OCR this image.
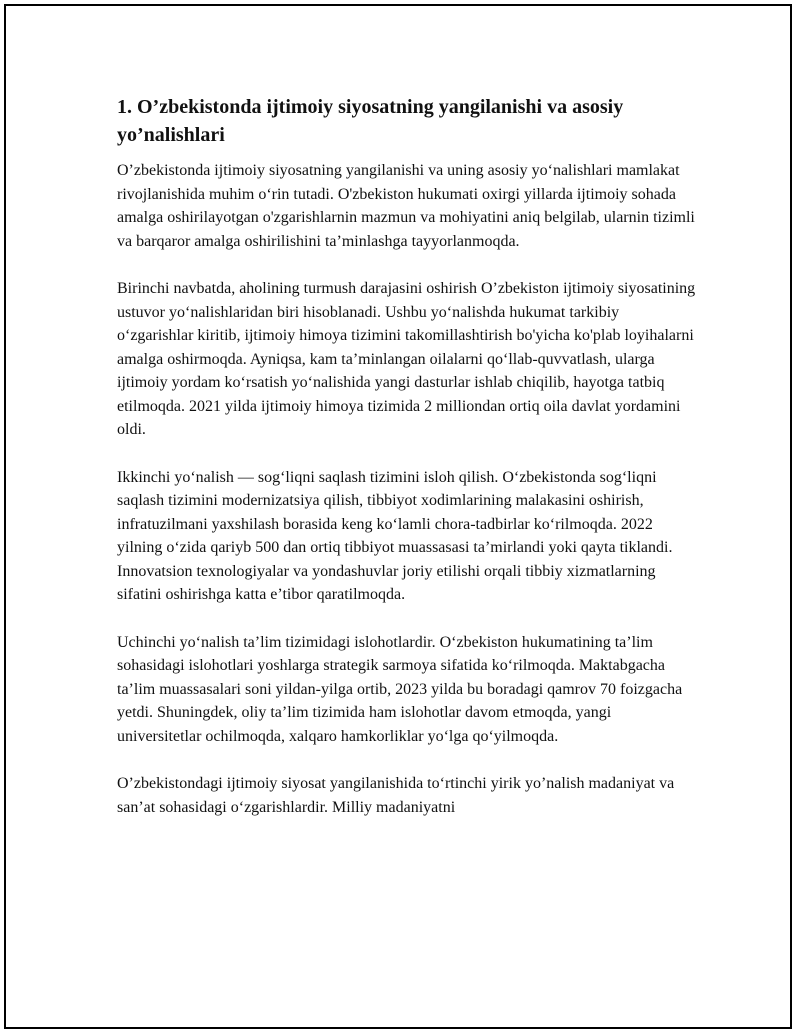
1. O’zbekistonda ijtimoiy siyosatning yangilanishi va asosiy yo’nalishlari

O’zbekistonda ijtimoiy siyosatning yangilanishi va uning asosiy yo‘nalishlari mamlakat rivojlanishida muhim o‘rin tutadi. O'zbekiston hukumati oxirgi yillarda ijtimoiy sohada amalga oshirilayotgan o'zgarishlarnin mazmun va mohiyatini aniq belgilab, ularnin tizimli va barqaror amalga oshirilishini ta’minlashga tayyorlanmoqda.

Birinchi navbatda, aholining turmush darajasini oshirish O’zbekiston ijtimoiy siyosatining ustuvor yo‘nalishlaridan biri hisoblanadi. Ushbu yo‘nalishda hukumat tarkibiy o‘zgarishlar kiritib, ijtimoiy himoya tizimini takomillashtirish bo'yicha ko'plab loyihalarni amalga oshirmoqda. Ayniqsa, kam ta’minlangan oilalarni qo‘llab-quvvatlash, ularga ijtimoiy yordam ko‘rsatish yo‘nalishida yangi dasturlar ishlab chiqilib, hayotga tatbiq etilmoqda. 2021 yilda ijtimoiy himoya tizimida 2 milliondan ortiq oila davlat yordamini oldi.

Ikkinchi yo‘nalish — sog‘liqni saqlash tizimini isloh qilish. O‘zbekistonda sog‘liqni saqlash tizimini modernizatsiya qilish, tibbiyot xodimlarining malakasini oshirish, infratuzilmani yaxshilash borasida keng ko‘lamli chora-tadbirlar ko‘rilmoqda. 2022 yilning o‘zida qariyb 500 dan ortiq tibbiyot muassasasi ta’mirlandi yoki qayta tiklandi. Innovatsion texnologiyalar va yondashuvlar joriy etilishi orqali tibbiy xizmatlarning sifatini oshirishga katta e’tibor qaratilmoqda.

Uchinchi yo‘nalish ta’lim tizimidagi islohotlardir. O‘zbekiston hukumatining ta’lim sohasidagi islohotlari yoshlarga strategik sarmoya sifatida ko‘rilmoqda. Maktabgacha ta’lim muassasalari soni yildan-yilga ortib, 2023 yilda bu boradagi qamrov 70 foizgacha yetdi. Shuningdek, oliy ta’lim tizimida ham islohotlar davom etmoqda, yangi universitetlar ochilmoqda, xalqaro hamkorliklar yo‘lga qo‘yilmoqda.

O’zbekistondagi ijtimoiy siyosat yangilanishida to‘rtinchi yirik yo’nalish madaniyat va san’at sohasidagi o‘zgarishlardir. Milliy madaniyatni
